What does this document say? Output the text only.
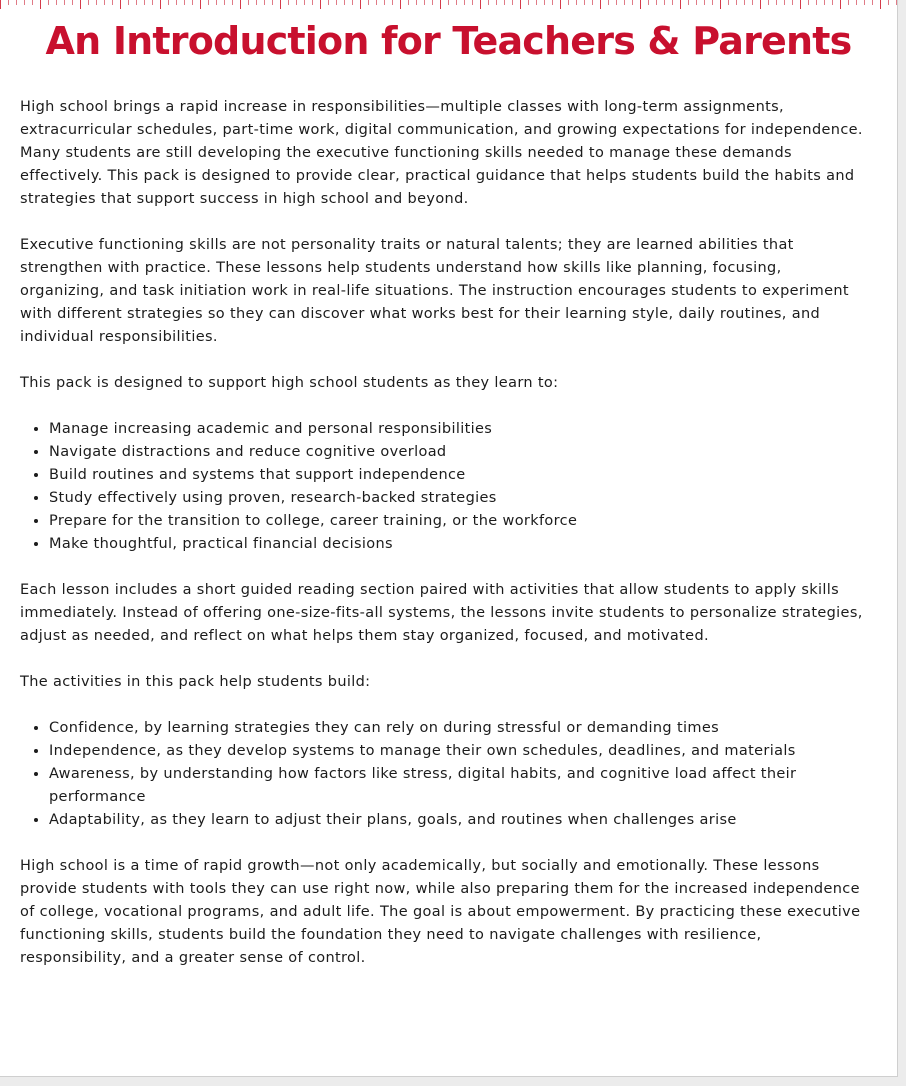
An Introduction for Teachers & Parents

High school brings a rapid increase in responsibilities—multiple classes with long-term assignments, extracurricular schedules, part-time work, digital communication, and growing expectations for independence. Many students are still developing the executive functioning skills needed to manage these demands effectively. This pack is designed to provide clear, practical guidance that helps students build the habits and strategies that support success in high school and beyond.

Executive functioning skills are not personality traits or natural talents; they are learned abilities that strengthen with practice. These lessons help students understand how skills like planning, focusing, organizing, and task initiation work in real-life situations. The instruction encourages students to experiment with different strategies so they can discover what works best for their learning style, daily routines, and individual responsibilities.

This pack is designed to support high school students as they learn to:

• Manage increasing academic and personal responsibilities
• Navigate distractions and reduce cognitive overload
• Build routines and systems that support independence
• Study effectively using proven, research-backed strategies
• Prepare for the transition to college, career training, or the workforce
• Make thoughtful, practical financial decisions

Each lesson includes a short guided reading section paired with activities that allow students to apply skills immediately. Instead of offering one-size-fits-all systems, the lessons invite students to personalize strategies, adjust as needed, and reflect on what helps them stay organized, focused, and motivated.

The activities in this pack help students build:

• Confidence, by learning strategies they can rely on during stressful or demanding times
• Independence, as they develop systems to manage their own schedules, deadlines, and materials
• Awareness, by understanding how factors like stress, digital habits, and cognitive load affect their performance
• Adaptability, as they learn to adjust their plans, goals, and routines when challenges arise

High school is a time of rapid growth—not only academically, but socially and emotionally. These lessons provide students with tools they can use right now, while also preparing them for the increased independence of college, vocational programs, and adult life. The goal is about empowerment. By practicing these executive functioning skills, students build the foundation they need to navigate challenges with resilience, responsibility, and a greater sense of control.
